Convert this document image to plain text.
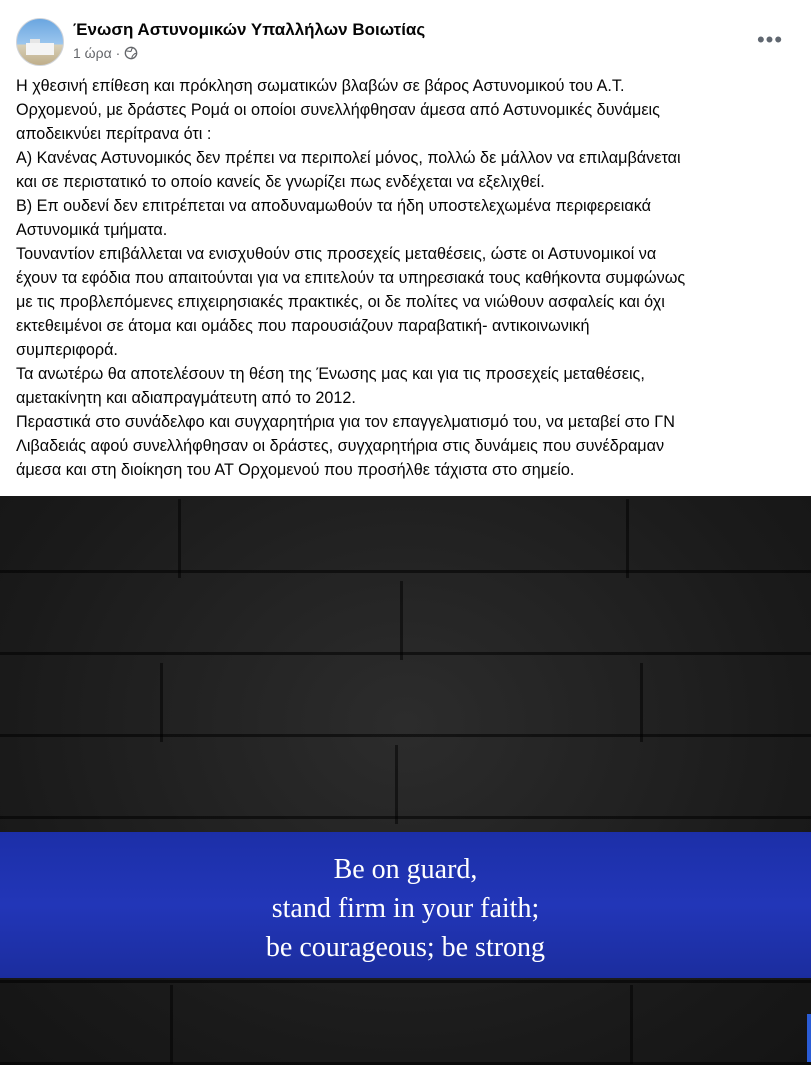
Ένωση Αστυνομικών Υπαλλήλων Βοιωτίας
1 ώρα ·
•••

Η χθεσινή επίθεση και πρόκληση σωματικών βλαβών σε βάρος Αστυνομικού του Α.Τ.

Ορχομενού, με δράστες Ρομά οι οποίοι συνελλήφθησαν άμεσα από Αστυνομικές δυνάμεις

αποδεικνύει περίτρανα ότι :

Α) Κανένας Αστυνομικός δεν πρέπει να περιπολεί μόνος, πολλώ δε μάλλον να επιλαμβάνεται

και σε περιστατικό το οποίο κανείς δε γνωρίζει πως ενδέχεται να εξελιχθεί.

Β) Επ ουδενί δεν επιτρέπεται να αποδυναμωθούν τα ήδη υποστελεχωμένα περιφερειακά

Αστυνομικά τμήματα.

Τουναντίον επιβάλλεται να ενισχυθούν στις προσεχείς μεταθέσεις, ώστε οι Αστυνομικοί να

έχουν τα εφόδια που απαιτούνται για να επιτελούν τα υπηρεσιακά τους καθήκοντα συμφώνως

με τις προβλεπόμενες επιχειρησιακές πρακτικές, οι δε πολίτες να νιώθουν ασφαλείς και όχι

εκτεθειμένοι σε άτομα και ομάδες που παρουσιάζουν παραβατική- αντικοινωνική

συμπεριφορά.

Τα ανωτέρω θα αποτελέσουν τη θέση της Ένωσης μας και για τις προσεχείς μεταθέσεις,

αμετακίνητη και αδιαπραγμάτευτη από το 2012.

Περαστικά στο συνάδελφο και συγχαρητήρια για τον επαγγελματισμό του, να μεταβεί στο ΓΝ

Λιβαδειάς αφού συνελλήφθησαν οι δράστες, συγχαρητήρια στις δυνάμεις που συνέδραμαν

άμεσα και στη διοίκηση του ΑΤ Ορχομενού που προσήλθε τάχιστα στο σημείο.

Be on guard,
stand firm in your faith;
be courageous; be strong
